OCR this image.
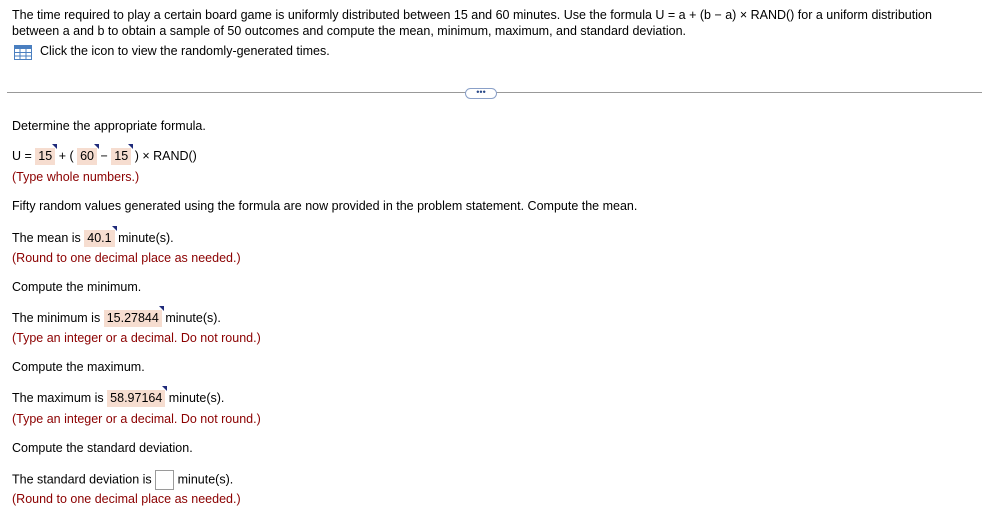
The time required to play a certain board game is uniformly distributed between 15 and 60 minutes. Use the formula U = a + (b − a) × RAND() for a uniform distribution
between a and b to obtain a sample of 50 outcomes and compute the mean, minimum, maximum, and standard deviation.
Click the icon to view the randomly-generated times.
•••
Determine the appropriate formula.
U = 15 + ( 60 − 15 ) × RAND()
(Type whole numbers.)
Fifty random values generated using the formula are now provided in the problem statement. Compute the mean.
The mean is 40.1 minute(s).
(Round to one decimal place as needed.)
Compute the minimum.
The minimum is 15.27844 minute(s).
(Type an integer or a decimal. Do not round.)
Compute the maximum.
The maximum is 58.97164 minute(s).
(Type an integer or a decimal. Do not round.)
Compute the standard deviation.
The standard deviation is minute(s).
(Round to one decimal place as needed.)
